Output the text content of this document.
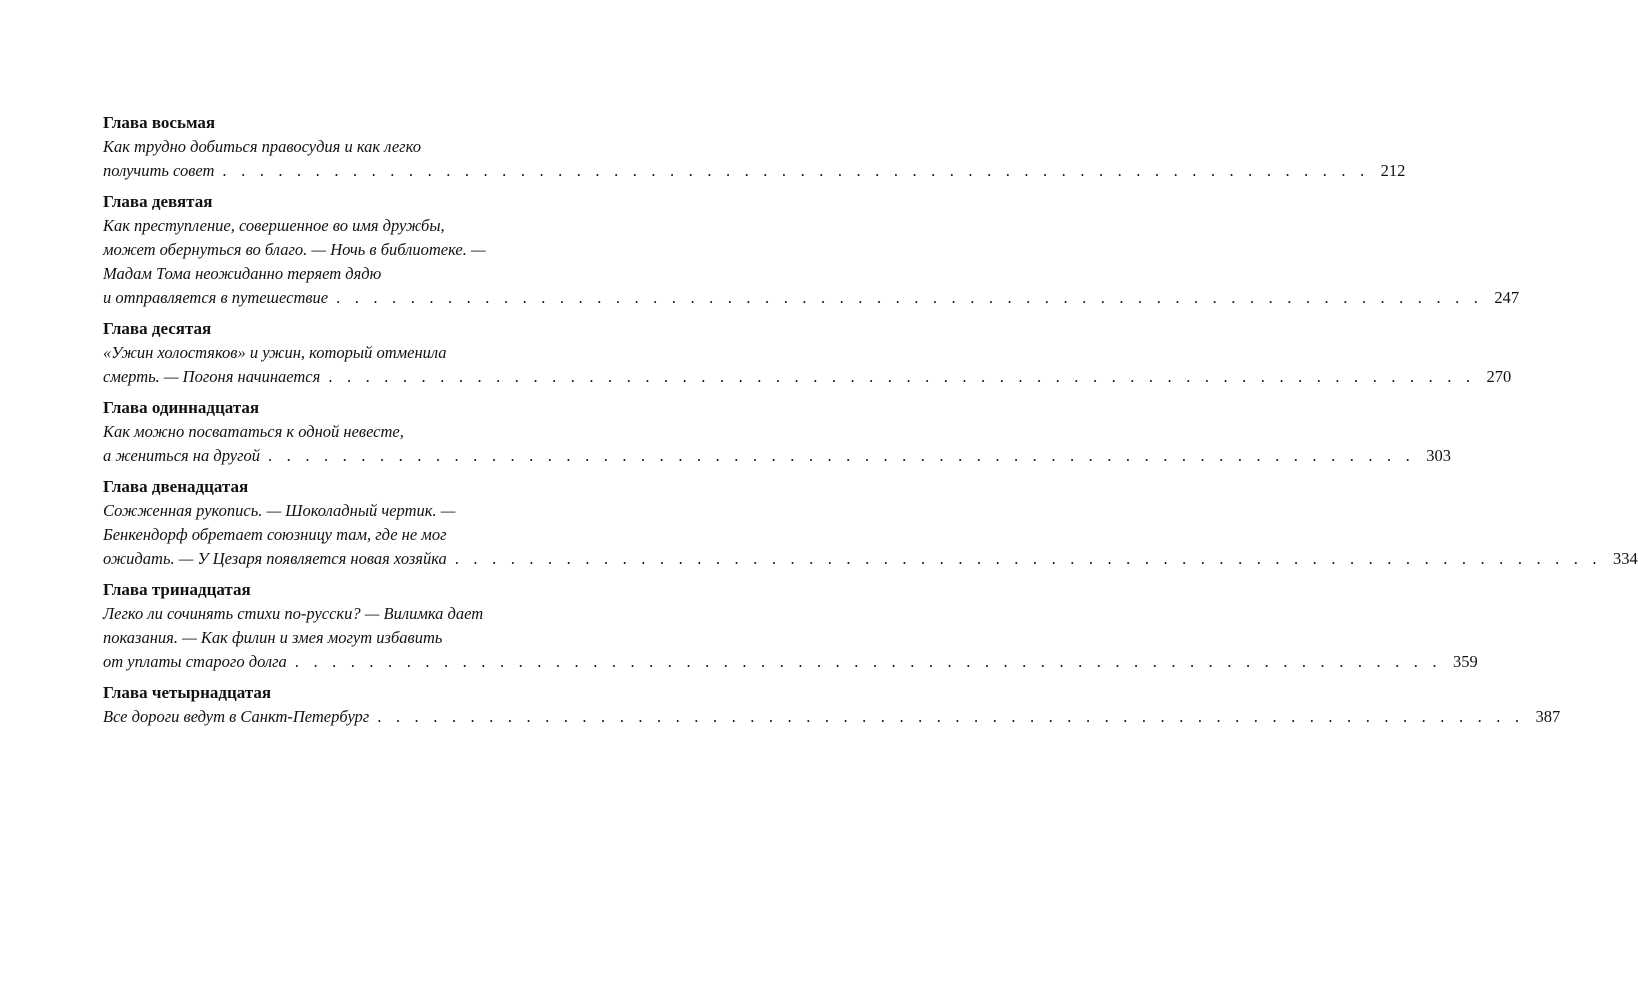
Глава восьмая
Как трудно добиться правосудия и как легко
получить совет . . . . . . . . . . . . . . . . . . . . . . . . . . . . . . . . . . . . . . . . . . . . . . . . . . . . . . . . . . . . . . 212
Глава девятая
Как преступление, совершенное во имя дружбы,
может обернуться во благо. — Ночь в библиотеке. —
Мадам Тома неожиданно теряет дядю
и отправляется в путешествие . . . . . . . . . . . . . . . . . . . . . . . . . . . . . . . . . . . . . . . . . . . . . . . . . . . . . . . . . . . . . . 247
Глава десятая
«Ужин холостяков» и ужин, который отменила
смерть. — Погоня начинается . . . . . . . . . . . . . . . . . . . . . . . . . . . . . . . . . . . . . . . . . . . . . . . . . . . . . . . . . . . . . . 270
Глава одиннадцатая
Как можно посвататься к одной невесте,
а жениться на другой . . . . . . . . . . . . . . . . . . . . . . . . . . . . . . . . . . . . . . . . . . . . . . . . . . . . . . . . . . . . . . 303
Глава двенадцатая
Сожженная рукопись. — Шоколадный чертик. —
Бенкендорф обретает союзницу там, где не мог
ожидать. — У Цезаря появляется новая хозяйка . . . . . . . . . . . . . . . . . . . . . . . . . . . . . . . . . . . . . . . . . . . . . . . . . . . . . . . . . . . . . . 334
Глава тринадцатая
Легко ли сочинять стихи по-русски? — Вилимка дает
показания. — Как филин и змея могут избавить
от уплаты старого долга . . . . . . . . . . . . . . . . . . . . . . . . . . . . . . . . . . . . . . . . . . . . . . . . . . . . . . . . . . . . . . 359
Глава четырнадцатая
Все дороги ведут в Санкт-Петербург . . . . . . . . . . . . . . . . . . . . . . . . . . . . . . . . . . . . . . . . . . . . . . . . . . . . . . . . . . . . . . 387
